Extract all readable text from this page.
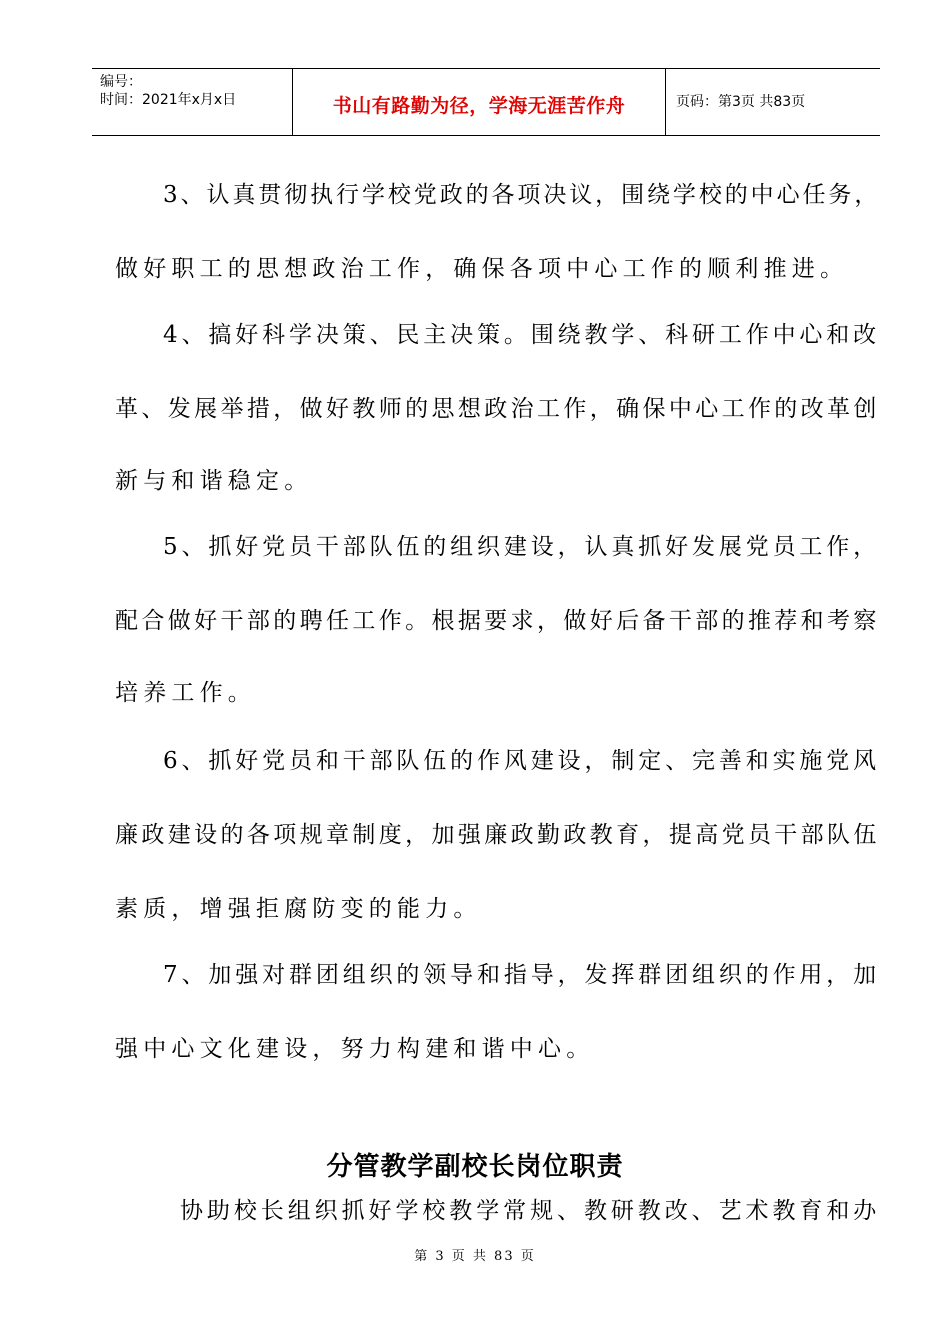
编号：
时间：2021年x月x日	书山有路勤为径，学海无涯苦作舟	页码：第3页 共83页
3、认真贯彻执行学校党政的各项决议，围绕学校的中心任务，
做好职工的思想政治工作，确保各项中心工作的顺利推进。
4、搞好科学决策、民主决策。围绕教学、科研工作中心和改
革、发展举措，做好教师的思想政治工作，确保中心工作的改革创
新与和谐稳定。
5、抓好党员干部队伍的组织建设，认真抓好发展党员工作，
配合做好干部的聘任工作。根据要求，做好后备干部的推荐和考察
培养工作。
6、抓好党员和干部队伍的作风建设，制定、完善和实施党风
廉政建设的各项规章制度，加强廉政勤政教育，提高党员干部队伍
素质，增强拒腐防变的能力。
7、加强对群团组织的领导和指导，发挥群团组织的作用，加
强中心文化建设，努力构建和谐中心。
分管教学副校长岗位职责
协助校长组织抓好学校教学常规、教研教改、艺术教育和办
第 3 页 共 83 页
